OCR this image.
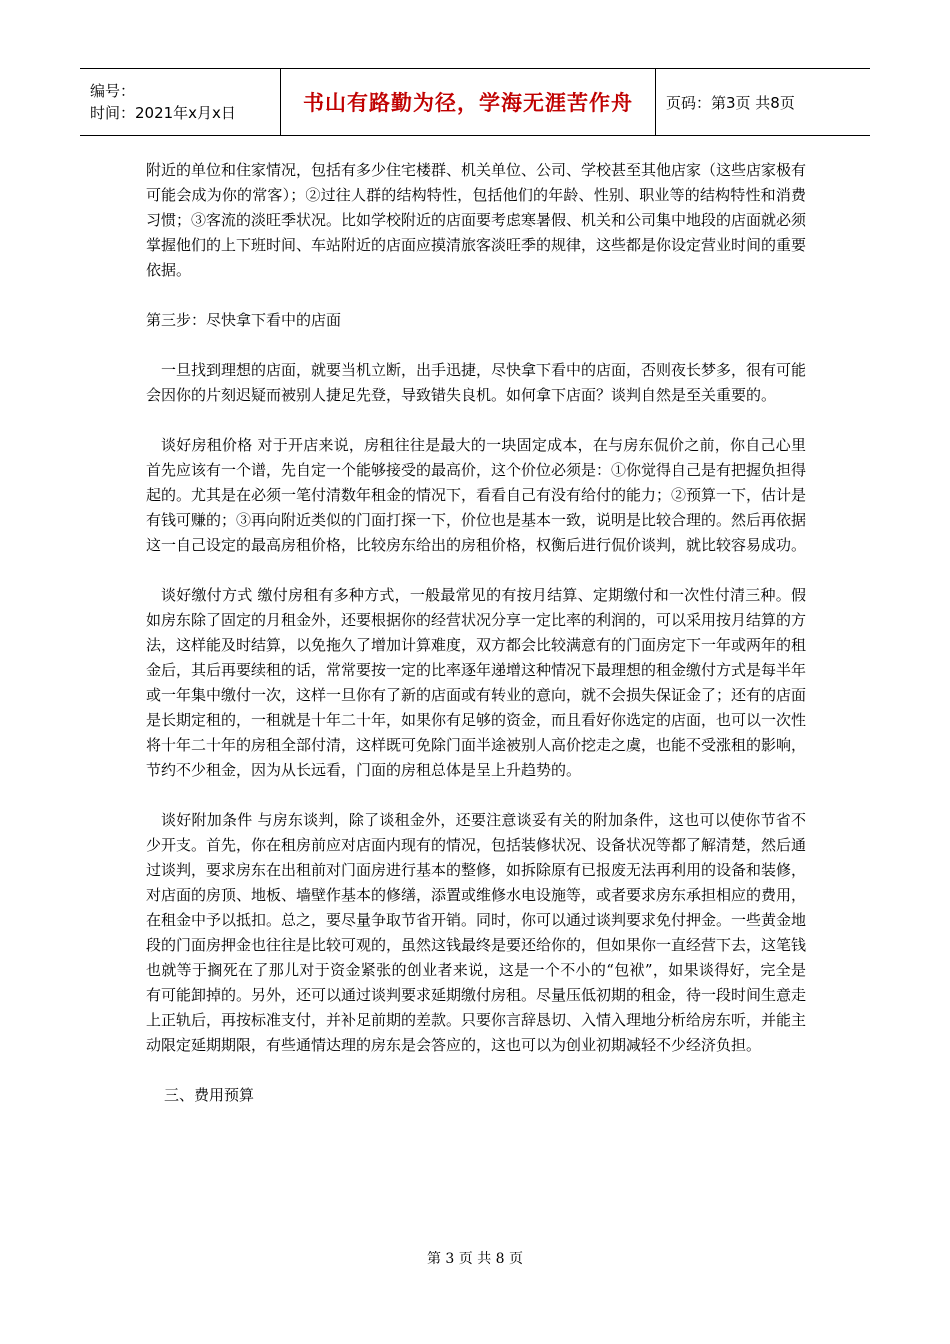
编号：
时间：2021年x月x日	书山有路勤为径，学海无涯苦作舟	页码：第3页 共8页

附近的单位和住家情况，包括有多少住宅楼群、机关单位、公司、学校甚至其他店家（这些店家极有可能会成为你的常客）；②过往人群的结构特性，包括他们的年龄、性别、职业等的结构特性和消费习惯；③客流的淡旺季状况。比如学校附近的店面要考虑寒暑假、机关和公司集中地段的店面就必须掌握他们的上下班时间、车站附近的店面应摸清旅客淡旺季的规律，这些都是你设定营业时间的重要依据。

第三步：尽快拿下看中的店面

一旦找到理想的店面，就要当机立断，出手迅捷，尽快拿下看中的店面，否则夜长梦多，很有可能会因你的片刻迟疑而被别人捷足先登，导致错失良机。如何拿下店面？谈判自然是至关重要的。

谈好房租价格 对于开店来说，房租往往是最大的一块固定成本，在与房东侃价之前，你自己心里首先应该有一个谱，先自定一个能够接受的最高价，这个价位必须是：①你觉得自己是有把握负担得起的。尤其是在必须一笔付清数年租金的情况下，看看自己有没有给付的能力；②预算一下，估计是有钱可赚的；③再向附近类似的门面打探一下，价位也是基本一致，说明是比较合理的。然后再依据这一自己设定的最高房租价格，比较房东给出的房租价格，权衡后进行侃价谈判，就比较容易成功。

谈好缴付方式 缴付房租有多种方式，一般最常见的有按月结算、定期缴付和一次性付清三种。假如房东除了固定的月租金外，还要根据你的经营状况分享一定比率的利润的，可以采用按月结算的方法，这样能及时结算，以免拖久了增加计算难度，双方都会比较满意有的门面房定下一年或两年的租金后，其后再要续租的话，常常要按一定的比率逐年递增这种情况下最理想的租金缴付方式是每半年或一年集中缴付一次，这样一旦你有了新的店面或有转业的意向，就不会损失保证金了；还有的店面是长期定租的，一租就是十年二十年，如果你有足够的资金，而且看好你选定的店面，也可以一次性将十年二十年的房租全部付清，这样既可免除门面半途被别人高价挖走之虞，也能不受涨租的影响，节约不少租金，因为从长远看，门面的房租总体是呈上升趋势的。

谈好附加条件 与房东谈判，除了谈租金外，还要注意谈妥有关的附加条件，这也可以使你节省不少开支。首先，你在租房前应对店面内现有的情况，包括装修状况、设备状况等都了解清楚，然后通过谈判，要求房东在出租前对门面房进行基本的整修，如拆除原有已报废无法再利用的设备和装修，对店面的房顶、地板、墙壁作基本的修缮，添置或维修水电设施等，或者要求房东承担相应的费用，在租金中予以抵扣。总之，要尽量争取节省开销。同时，你可以通过谈判要求免付押金。一些黄金地段的门面房押金也往往是比较可观的，虽然这钱最终是要还给你的，但如果你一直经营下去，这笔钱也就等于搁死在了那儿对于资金紧张的创业者来说，这是一个不小的“包袱”，如果谈得好，完全是有可能卸掉的。另外，还可以通过谈判要求延期缴付房租。尽量压低初期的租金，待一段时间生意走上正轨后，再按标准支付，并补足前期的差款。只要你言辞恳切、入情入理地分析给房东听，并能主动限定延期期限，有些通情达理的房东是会答应的，这也可以为创业初期减轻不少经济负担。

三、费用预算

第 3 页 共 8 页
